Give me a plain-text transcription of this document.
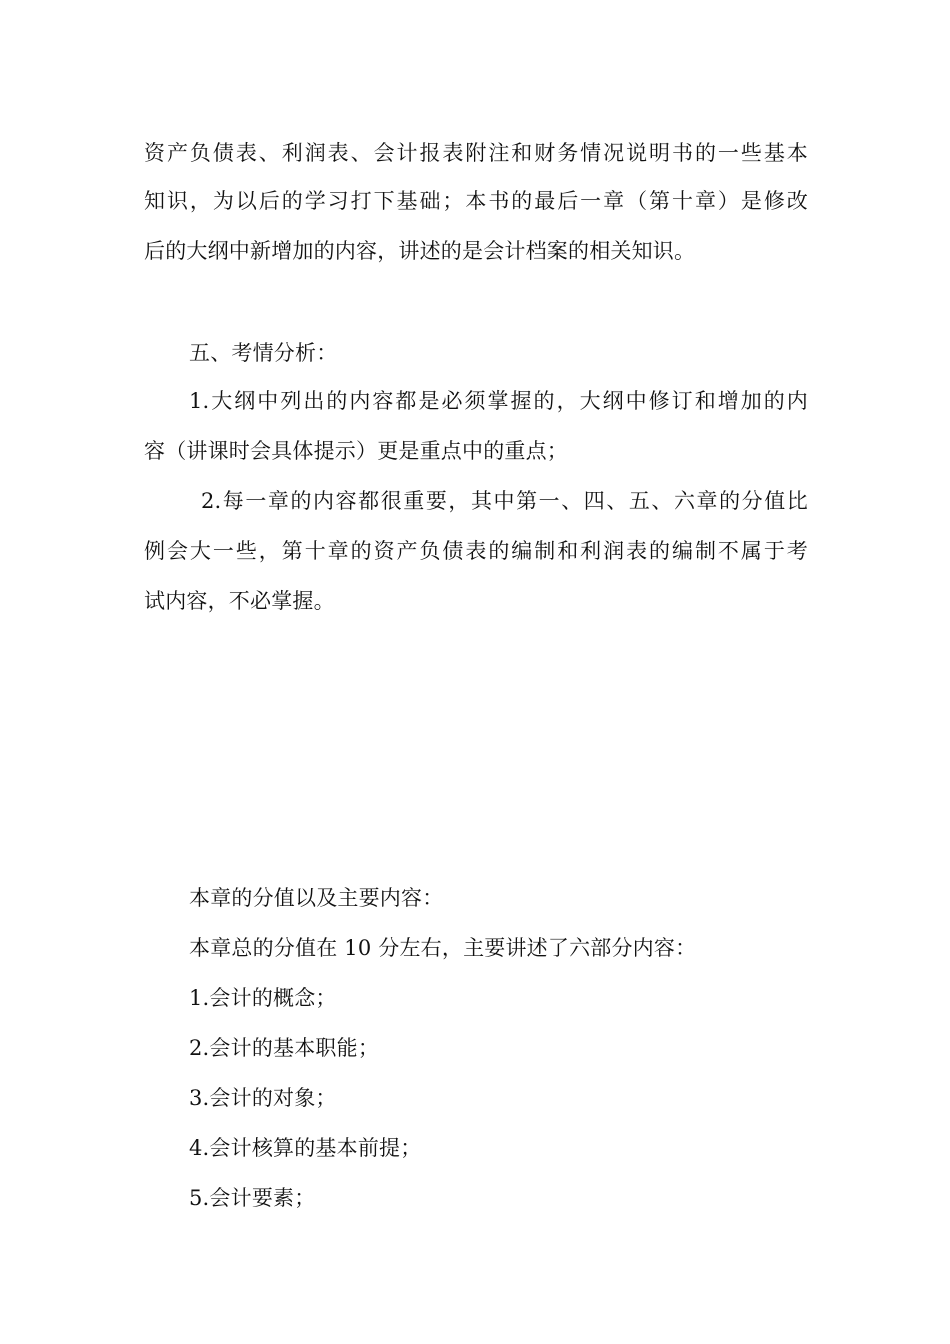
资产负债表、利润表、会计报表附注和财务情况说明书的一些基本
知识，为以后的学习打下基础；本书的最后一章（第十章）是修改
后的大纲中新增加的内容，讲述的是会计档案的相关知识。
五、考情分析：
1.大纲中列出的内容都是必须掌握的，大纲中修订和增加的内
容（讲课时会具体提示）更是重点中的重点；
2.每一章的内容都很重要，其中第一、四、五、六章的分值比
例会大一些，第十章的资产负债表的编制和利润表的编制不属于考
试内容，不必掌握。
本章的分值以及主要内容：
本章总的分值在 10 分左右，主要讲述了六部分内容：
1.会计的概念；
2.会计的基本职能；
3.会计的对象；
4.会计核算的基本前提；
5.会计要素；
